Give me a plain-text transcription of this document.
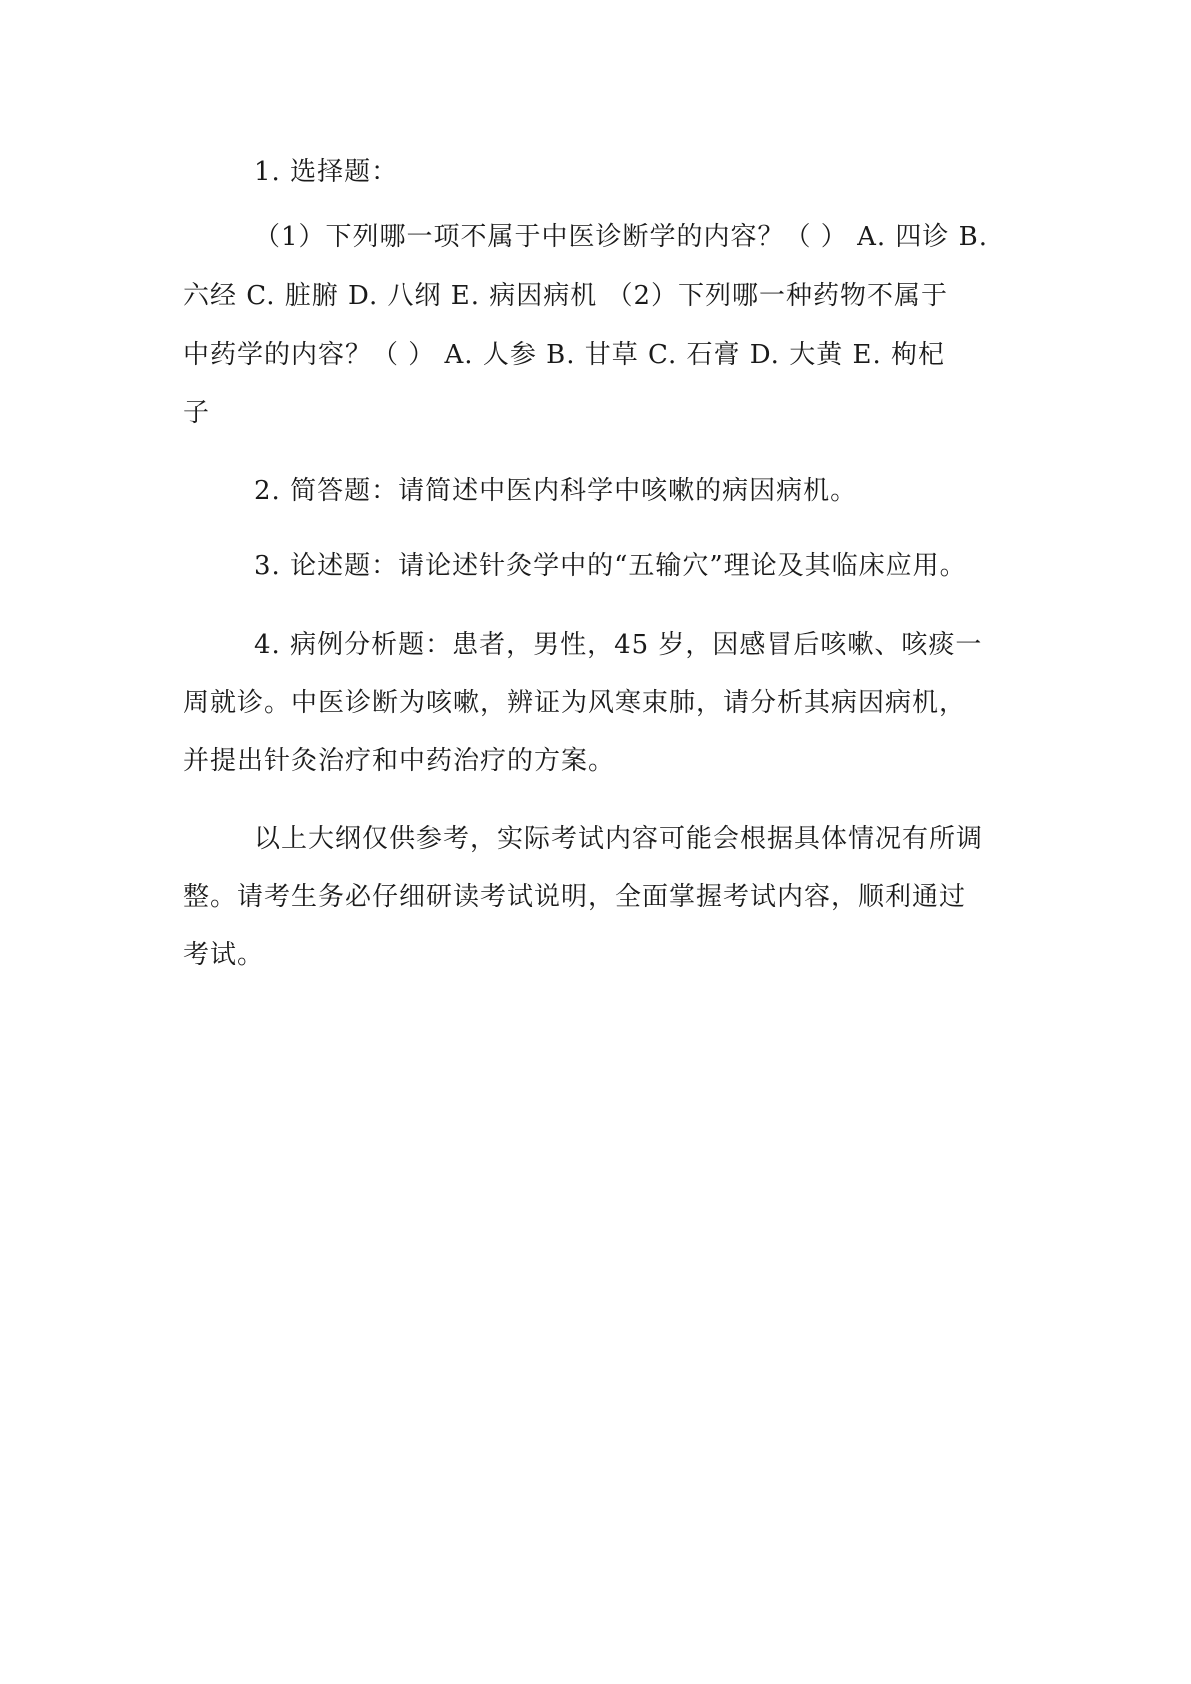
1. 选择题：

（1）下列哪一项不属于中医诊断学的内容？（ ） A. 四诊 B.

六经 C. 脏腑 D. 八纲 E. 病因病机 （2）下列哪一种药物不属于

中药学的内容？（ ） A. 人参 B. 甘草 C. 石膏 D. 大黄 E. 枸杞

子

2. 简答题：请简述中医内科学中咳嗽的病因病机。

3. 论述题：请论述针灸学中的“五输穴”理论及其临床应用。

4. 病例分析题：患者，男性，45 岁，因感冒后咳嗽、咳痰一

周就诊。中医诊断为咳嗽，辨证为风寒束肺，请分析其病因病机，

并提出针灸治疗和中药治疗的方案。

以上大纲仅供参考，实际考试内容可能会根据具体情况有所调

整。请考生务必仔细研读考试说明，全面掌握考试内容，顺利通过

考试。
